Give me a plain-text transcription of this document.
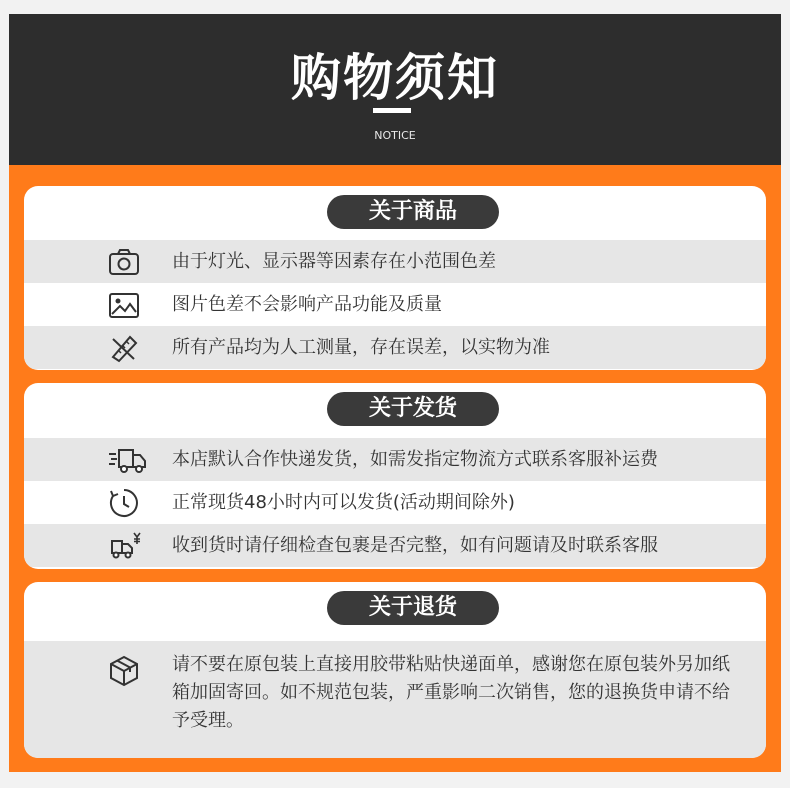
购物须知
NOTICE
关于商品
由于灯光、显示器等因素存在小范围色差
图片色差不会影响产品功能及质量
所有产品均为人工测量，存在误差，以实物为准
关于发货
本店默认合作快递发货，如需发指定物流方式联系客服补运费
正常现货48小时内可以发货(活动期间除外)
收到货时请仔细检查包裹是否完整，如有问题请及时联系客服
关于退货
请不要在原包装上直接用胶带粘贴快递面单，感谢您在原包装外另加纸箱加固寄回。如不规范包装，严重影响二次销售，您的退换货申请不给予受理。
